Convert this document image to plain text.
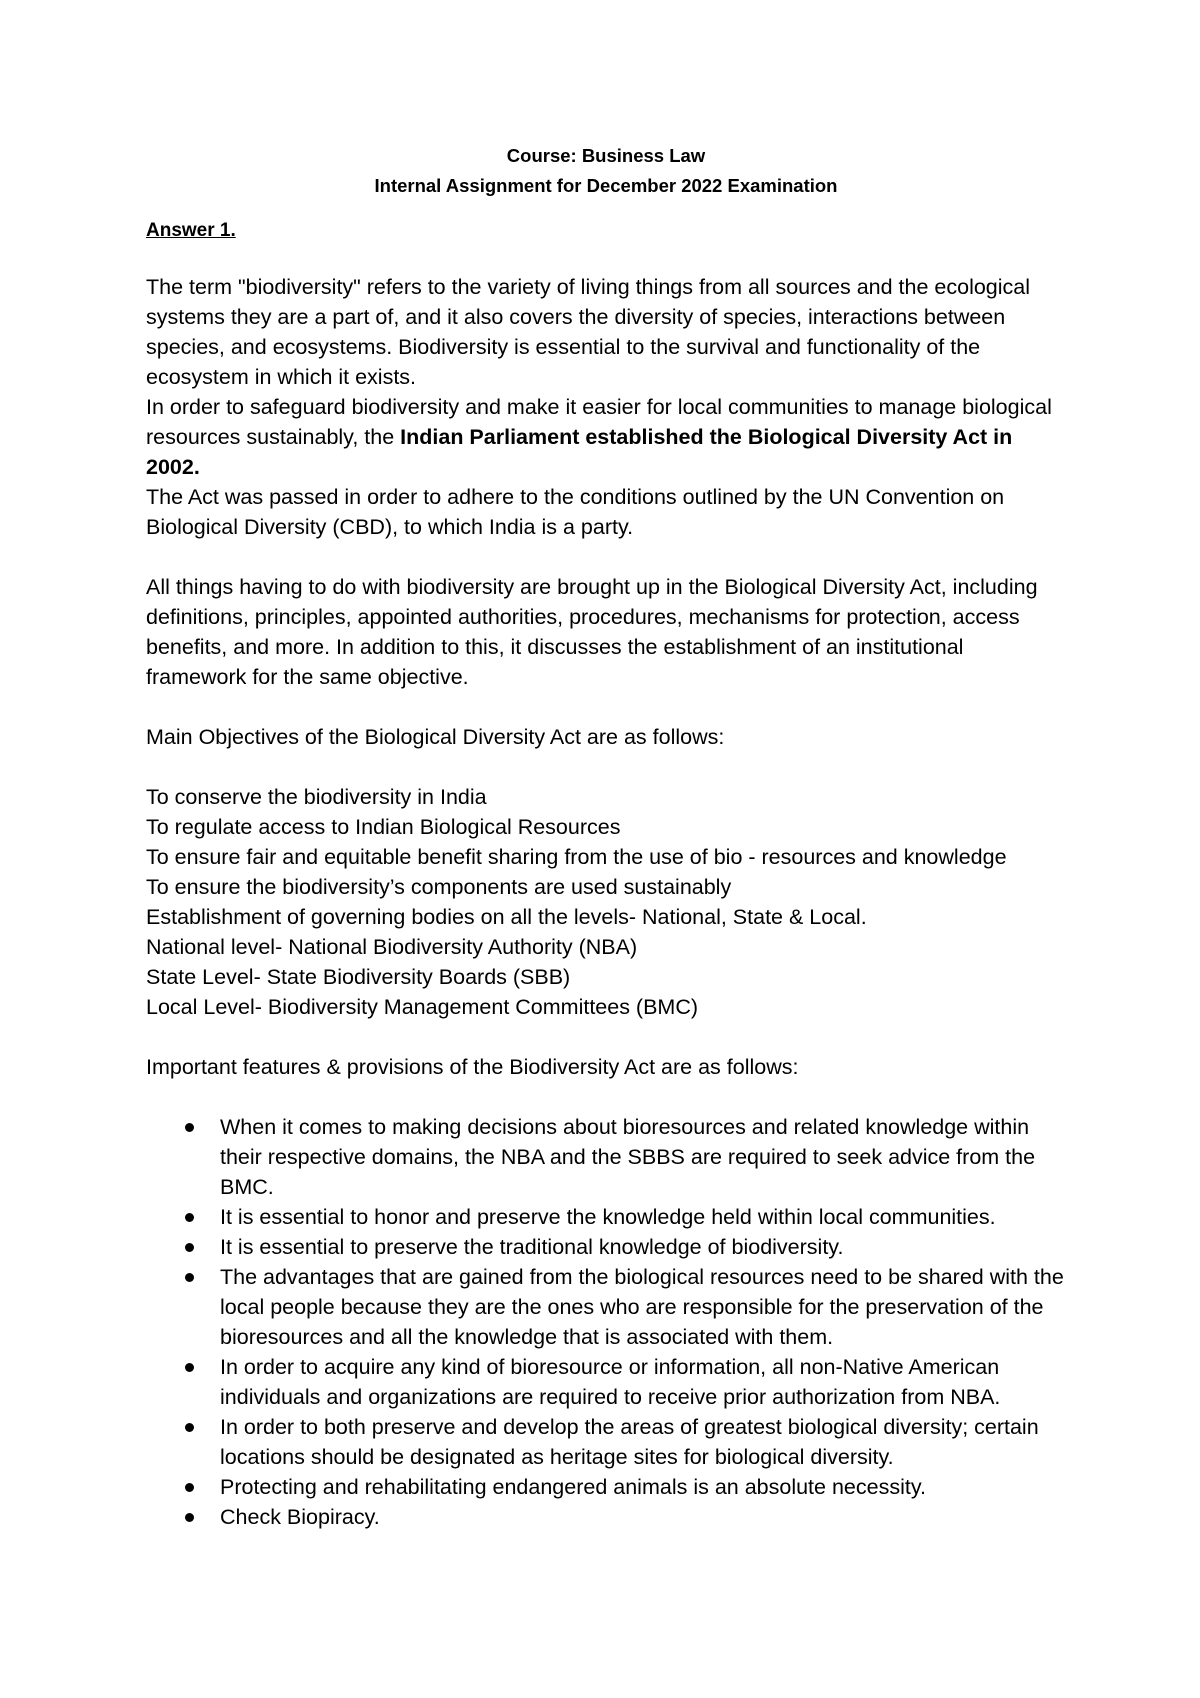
Course: Business Law
Internal Assignment for December 2022 Examination
Answer 1.

The term "biodiversity" refers to the variety of living things from all sources and the ecological systems they are a part of, and it also covers the diversity of species, interactions between species, and ecosystems. Biodiversity is essential to the survival and functionality of the ecosystem in which it exists.

In order to safeguard biodiversity and make it easier for local communities to manage biological resources sustainably, the Indian Parliament established the Biological Diversity Act in 2002.

The Act was passed in order to adhere to the conditions outlined by the UN Convention on Biological Diversity (CBD), to which India is a party.

All things having to do with biodiversity are brought up in the Biological Diversity Act, including definitions, principles, appointed authorities, procedures, mechanisms for protection, access benefits, and more. In addition to this, it discusses the establishment of an institutional framework for the same objective.

Main Objectives of the Biological Diversity Act are as follows:

To conserve the biodiversity in India

To regulate access to Indian Biological Resources

To ensure fair and equitable benefit sharing from the use of bio - resources and knowledge

To ensure the biodiversity’s components are used sustainably

Establishment of governing bodies on all the levels- National, State & Local.

National level- National Biodiversity Authority (NBA)

State Level- State Biodiversity Boards (SBB)

Local Level- Biodiversity Management Committees (BMC)

Important features & provisions of the Biodiversity Act are as follows:

When it comes to making decisions about bioresources and related knowledge within their respective domains, the NBA and the SBBS are required to seek advice from the BMC.
It is essential to honor and preserve the knowledge held within local communities.
It is essential to preserve the traditional knowledge of biodiversity.
The advantages that are gained from the biological resources need to be shared with the local people because they are the ones who are responsible for the preservation of the bioresources and all the knowledge that is associated with them.
In order to acquire any kind of bioresource or information, all non-Native American individuals and organizations are required to receive prior authorization from NBA.
In order to both preserve and develop the areas of greatest biological diversity; certain locations should be designated as heritage sites for biological diversity.
Protecting and rehabilitating endangered animals is an absolute necessity.
Check Biopiracy.
